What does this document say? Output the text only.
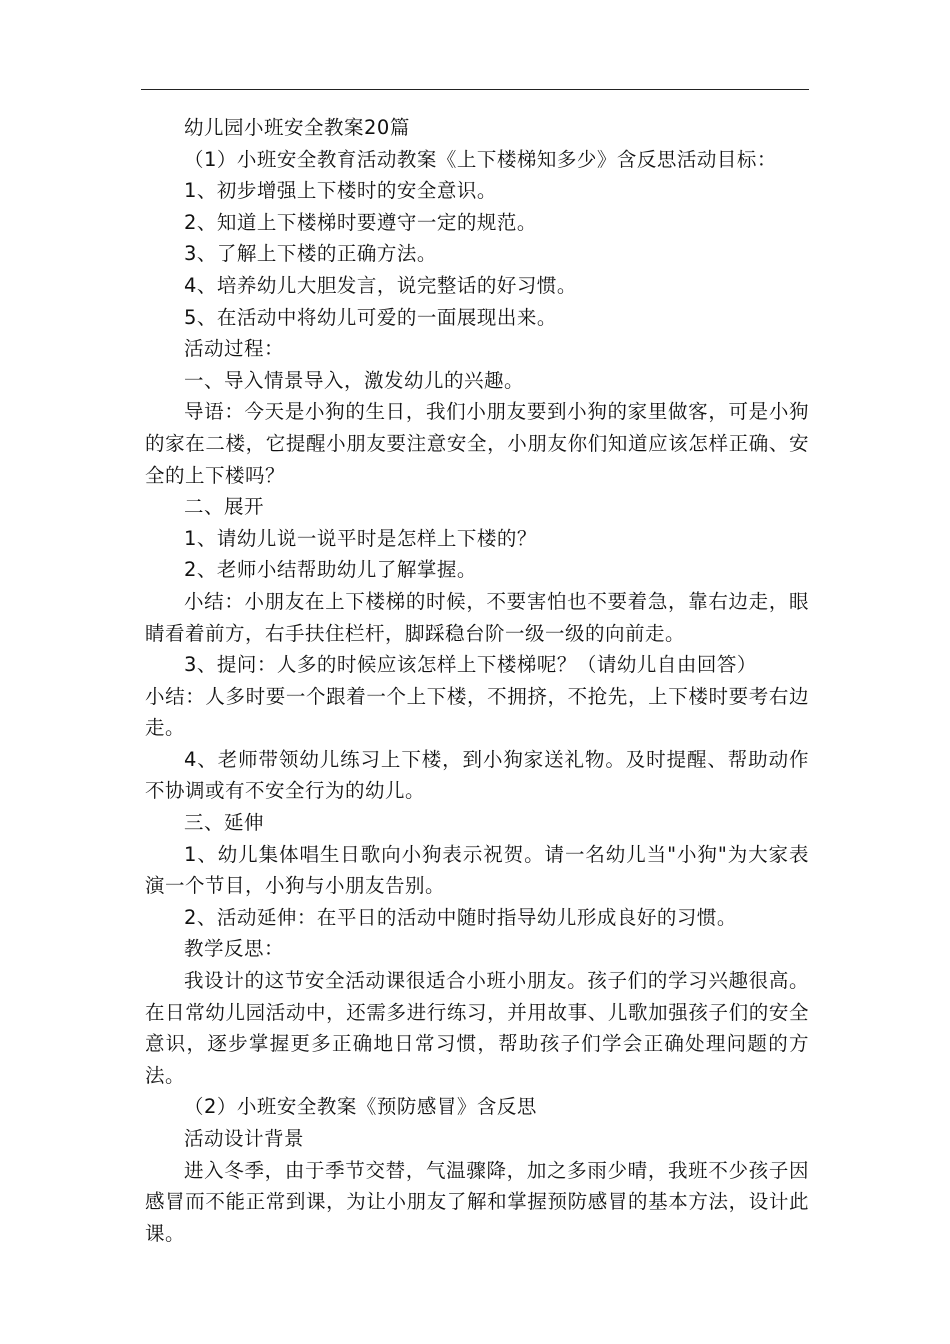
幼儿园小班安全教案20篇

（1）小班安全教育活动教案《上下楼梯知多少》含反思活动目标：

1、初步增强上下楼时的安全意识。

2、知道上下楼梯时要遵守一定的规范。

3、了解上下楼的正确方法。

4、培养幼儿大胆发言，说完整话的好习惯。

5、在活动中将幼儿可爱的一面展现出来。

活动过程：

一、导入情景导入，激发幼儿的兴趣。

导语：今天是小狗的生日，我们小朋友要到小狗的家里做客，可是小狗的家在二楼，它提醒小朋友要注意安全，小朋友你们知道应该怎样正确、安全的上下楼吗？

二、展开

1、请幼儿说一说平时是怎样上下楼的？

2、老师小结帮助幼儿了解掌握。

小结：小朋友在上下楼梯的时候，不要害怕也不要着急，靠右边走，眼睛看着前方，右手扶住栏杆，脚踩稳台阶一级一级的向前走。

3、提问：人多的时候应该怎样上下楼梯呢？（请幼儿自由回答）

小结：人多时要一个跟着一个上下楼，不拥挤，不抢先，上下楼时要考右边走。

4、老师带领幼儿练习上下楼，到小狗家送礼物。及时提醒、帮助动作不协调或有不安全行为的幼儿。

三、延伸

1、幼儿集体唱生日歌向小狗表示祝贺。请一名幼儿当"小狗"为大家表演一个节目，小狗与小朋友告别。

2、活动延伸：在平日的活动中随时指导幼儿形成良好的习惯。

教学反思：

我设计的这节安全活动课很适合小班小朋友。孩子们的学习兴趣很高。在日常幼儿园活动中，还需多进行练习，并用故事、儿歌加强孩子们的安全意识，逐步掌握更多正确地日常习惯，帮助孩子们学会正确处理问题的方法。

（2）小班安全教案《预防感冒》含反思

活动设计背景

进入冬季，由于季节交替，气温骤降，加之多雨少晴，我班不少孩子因感冒而不能正常到课，为让小朋友了解和掌握预防感冒的基本方法，设计此课。
